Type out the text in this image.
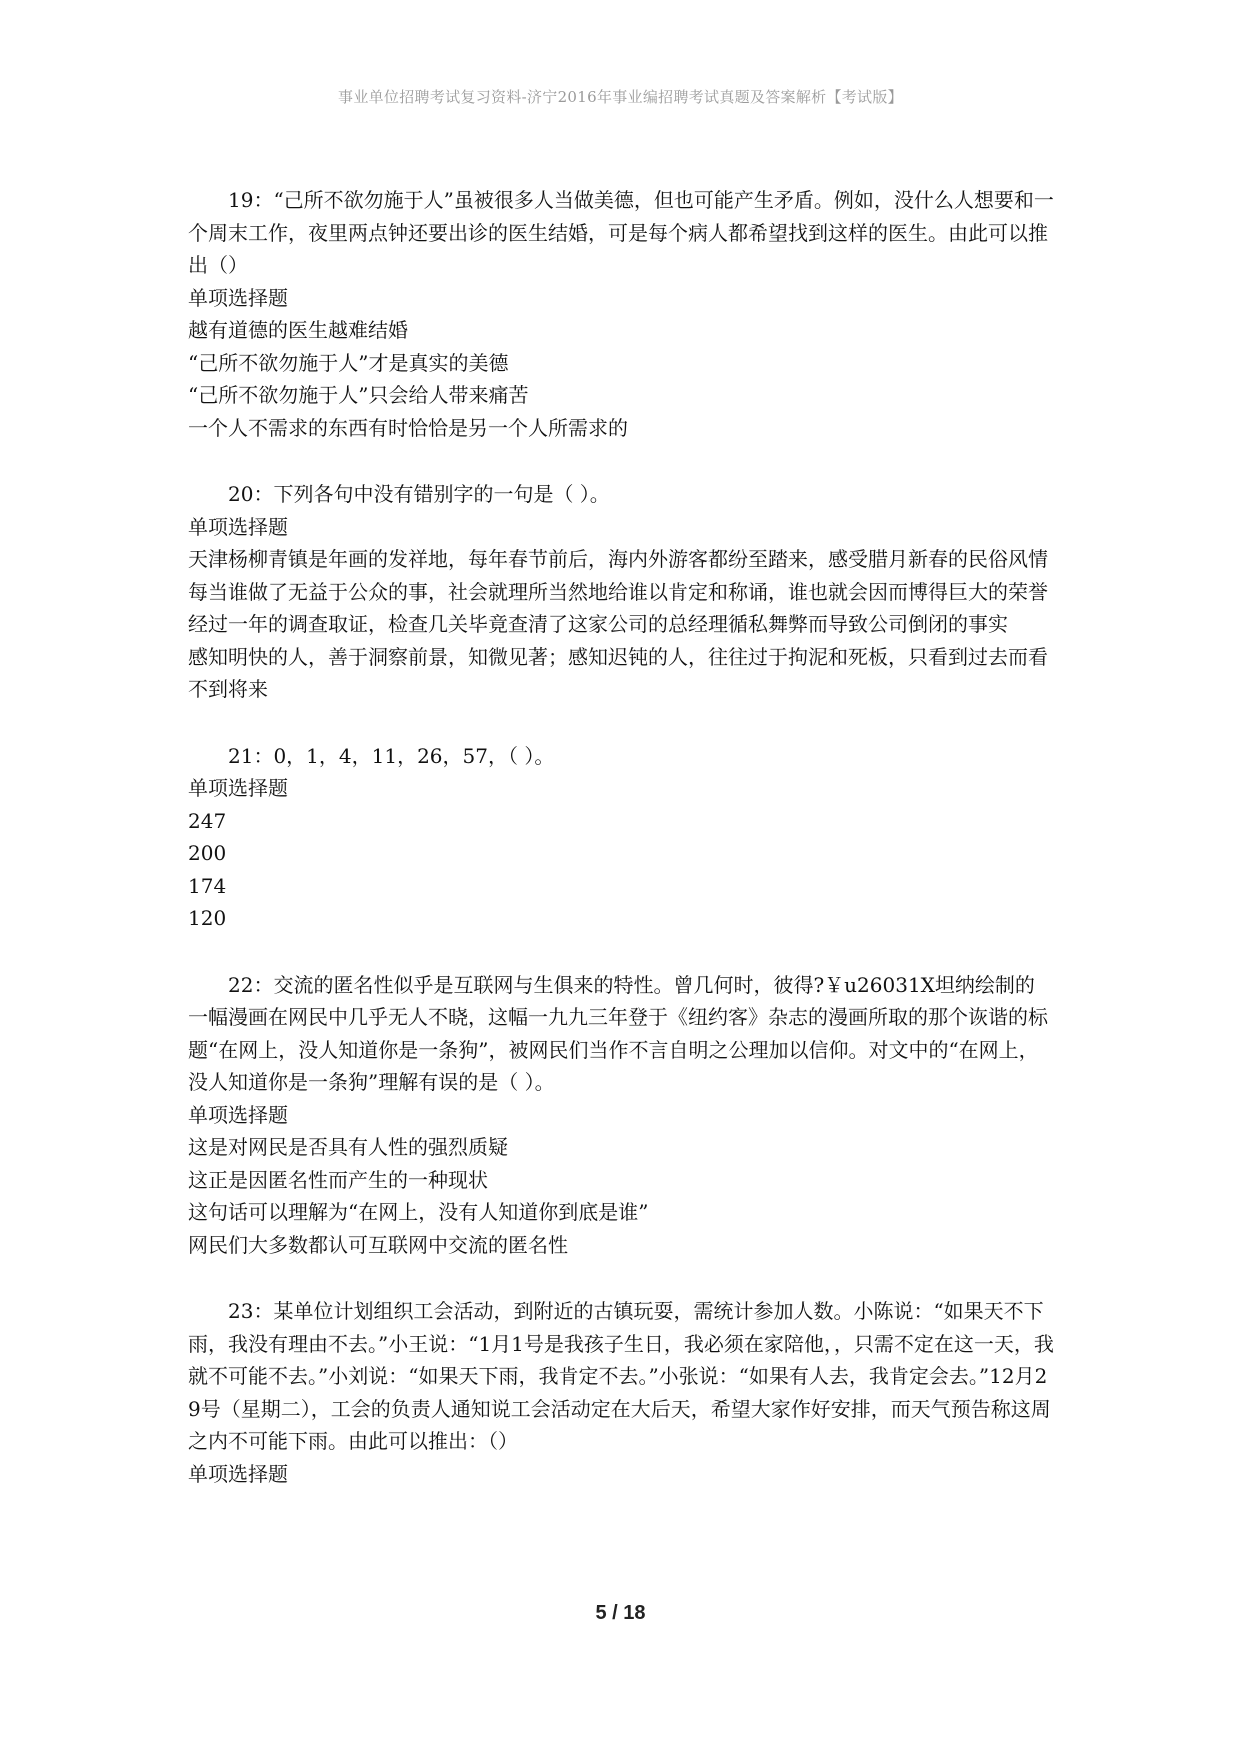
事业单位招聘考试复习资料-济宁2016年事业编招聘考试真题及答案解析【考试版】
19：“己所不欲勿施于人”虽被很多人当做美德，但也可能产生矛盾。例如，没什么人想要和一个周末工作，夜里两点钟还要出诊的医生结婚，可是每个病人都希望找到这样的医生。由此可以推出（）
单项选择题
越有道德的医生越难结婚
“己所不欲勿施于人”才是真实的美德
“己所不欲勿施于人”只会给人带来痛苦
一个人不需求的东西有时恰恰是另一个人所需求的
20：下列各句中没有错别字的一句是（ ）。
单项选择题
天津杨柳青镇是年画的发祥地，每年春节前后，海内外游客都纷至踏来，感受腊月新春的民俗风情
每当谁做了无益于公众的事，社会就理所当然地给谁以肯定和称诵，谁也就会因而博得巨大的荣誉
经过一年的调查取证，检查几关毕竟查清了这家公司的总经理循私舞弊而导致公司倒闭的事实
感知明快的人，善于洞察前景，知微见著；感知迟钝的人，往往过于拘泥和死板，只看到过去而看不到将来
21：0，1，4，11，26，57，（ ）。
单项选择题
247
200
174
120
22：交流的匿名性似乎是互联网与生俱来的特性。曾几何时，彼得?￥u26031X坦纳绘制的一幅漫画在网民中几乎无人不晓，这幅一九九三年登于《纽约客》杂志的漫画所取的那个诙谐的标题“在网上，没人知道你是一条狗”，被网民们当作不言自明之公理加以信仰。对文中的“在网上，没人知道你是一条狗”理解有误的是（ ）。
单项选择题
这是对网民是否具有人性的强烈质疑
这正是因匿名性而产生的一种现状
这句话可以理解为“在网上，没有人知道你到底是谁”
网民们大多数都认可互联网中交流的匿名性
23：某单位计划组织工会活动，到附近的古镇玩耍，需统计参加人数。小陈说：“如果天不下雨，我没有理由不去。”小王说：“1月1号是我孩子生日，我必须在家陪他，，只需不定在这一天，我就不可能不去。”小刘说：“如果天下雨，我肯定不去。”小张说：“如果有人去，我肯定会去。”12月29号（星期二），工会的负责人通知说工会活动定在大后天，希望大家作好安排，而天气预告称这周之内不可能下雨。由此可以推出：（）
单项选择题
5 / 18
